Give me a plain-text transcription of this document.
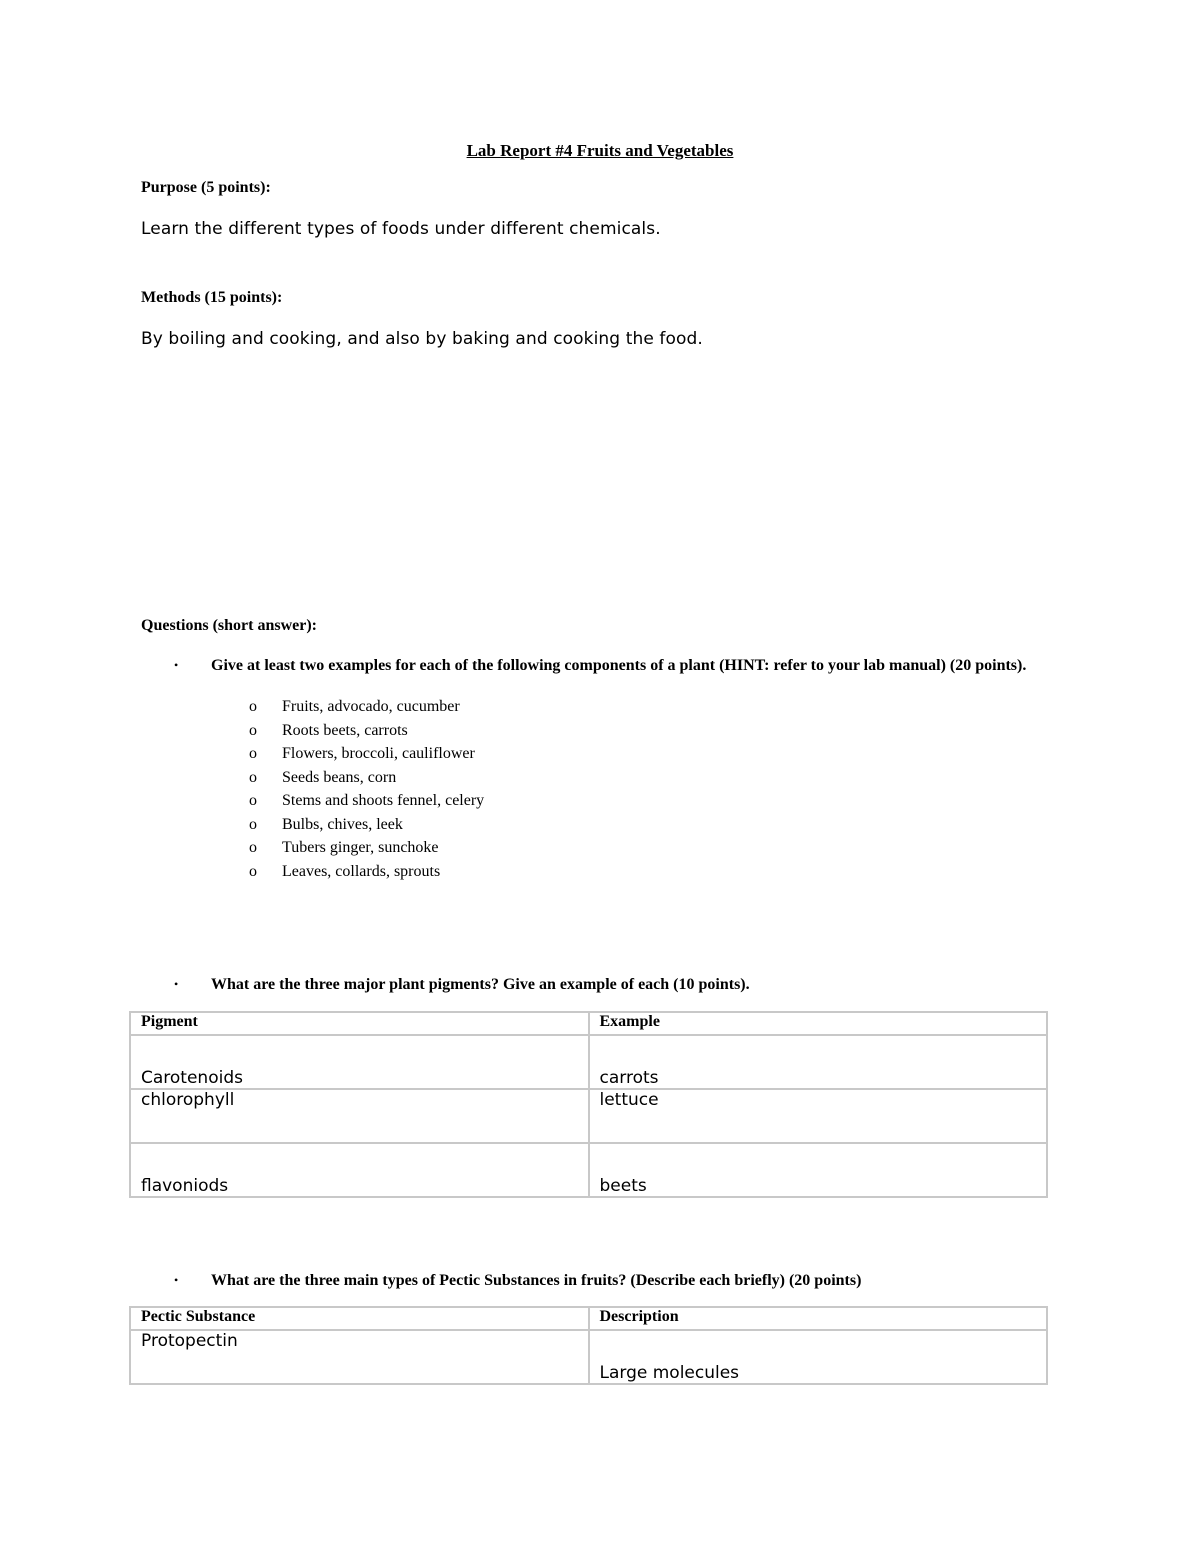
Lab Report #4 Fruits and Vegetables
Purpose (5 points):
Learn the different types of foods under different chemicals.
Methods (15 points):
By boiling and cooking, and also by baking and cooking the food.
Questions (short answer):
• Give at least two examples for each of the following components of a plant (HINT: refer to your lab manual) (20 points).
o Fruits, advocado, cucumber
o Roots beets, carrots
o Flowers, broccoli, cauliflower
o Seeds beans, corn
o Stems and shoots fennel, celery
o Bulbs, chives, leek
o Tubers ginger, sunchoke
o Leaves, collards, sprouts
• What are the three major plant pigments? Give an example of each (10 points).
Pigment	Example
Carotenoids	carrots
chlorophyll	lettuce
flavoniods	beets
• What are the three main types of Pectic Substances in fruits? (Describe each briefly) (20 points)
Pectic Substance	Description
Protopectin	Large molecules
